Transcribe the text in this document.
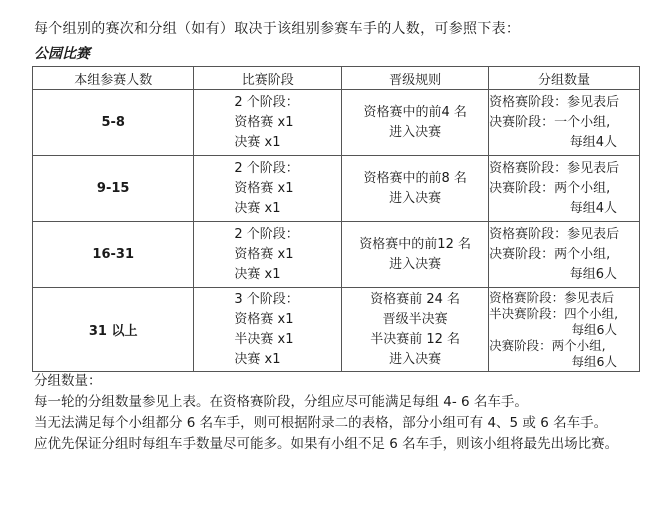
每个组别的赛次和分组（如有）取决于该组别参赛车手的人数，可参照下表：
公园比赛
本组参赛人数	比赛阶段	晋级规则	分组数量
5-8	2 个阶段：
资格赛 x1
决赛 x1	资格赛中的前4 名
进入决赛	资格赛阶段：参见表后
决赛阶段：一个小组,
每组4人

9-15	2 个阶段：
资格赛 x1
决赛 x1	资格赛中的前8 名
进入决赛	资格赛阶段：参见表后
决赛阶段：两个小组,
每组4人

16-31	2 个阶段：
资格赛 x1
决赛 x1	资格赛中的前12 名
进入决赛	资格赛阶段：参见表后
决赛阶段：两个小组,
每组6人

31 以上	3 个阶段：
资格赛 x1
半决赛 x1
决赛 x1	资格赛前 24 名
晋级半决赛
半决赛前 12 名
进入决赛	资格赛阶段：参见表后
半决赛阶段：四个小组,
每组6人
决赛阶段：两个小组,
每组6人
分组数量：
每一轮的分组数量参见上表。在资格赛阶段，分组应尽可能满足每组 4- 6 名车手。
当无法满足每个小组都分 6 名车手，则可根据附录二的表格，部分小组可有 4、5 或 6 名车手。
应优先保证分组时每组车手数量尽可能多。如果有小组不足 6 名车手，则该小组将最先出场比赛。
